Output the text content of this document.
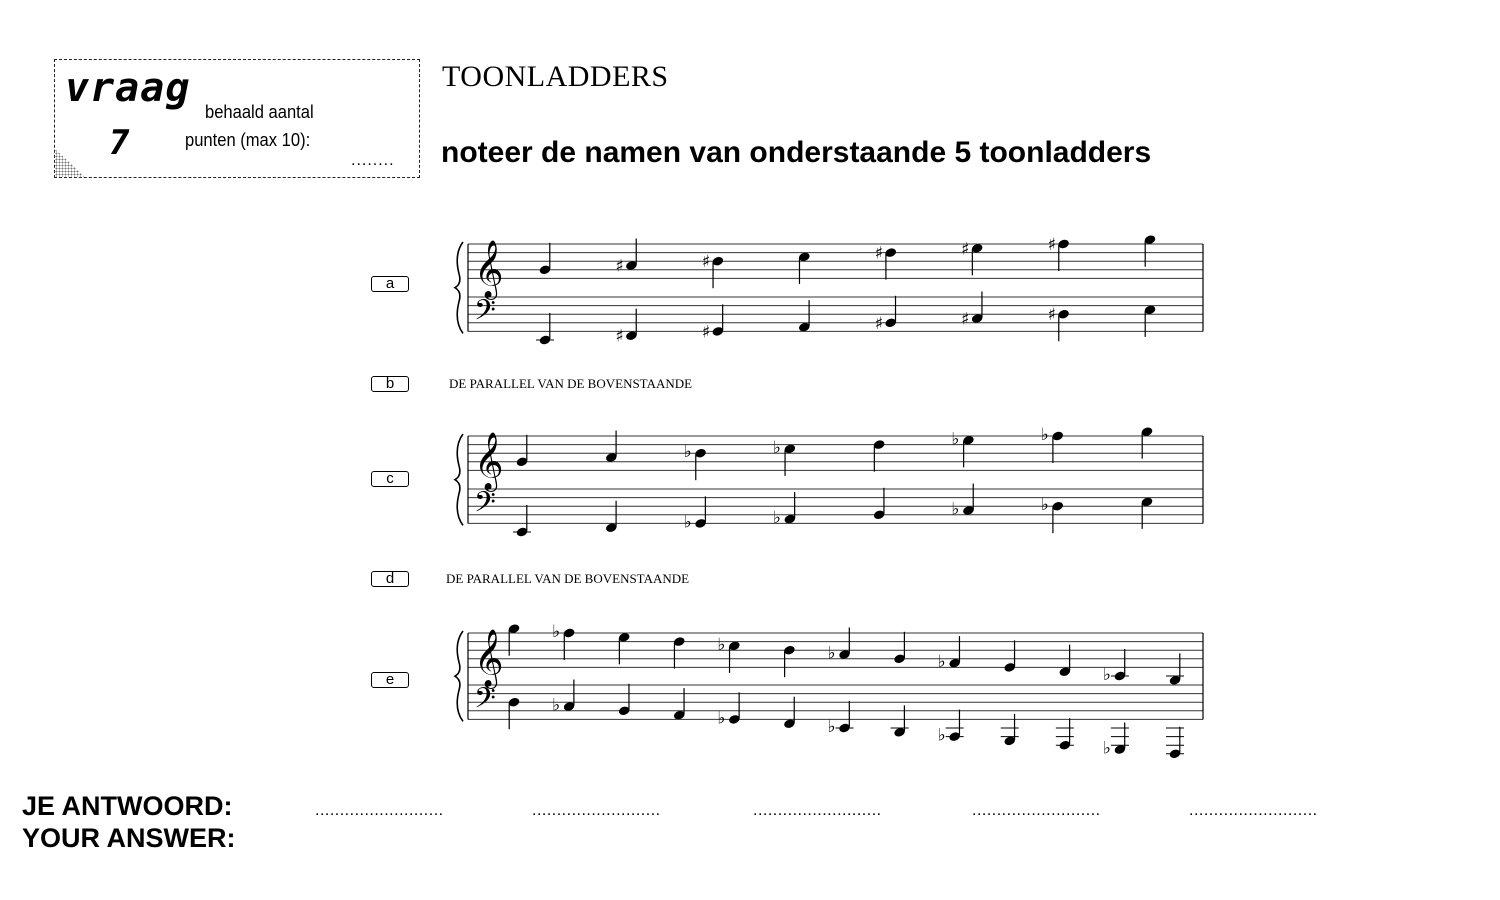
vraag
7
behaald aantal
punten (max 10):
........
TOONLADDERS
noteer de namen van onderstaande 5 toonladders
a
b
c
d
e
DE PARALLEL VAN DE BOVENSTAANDE
DE PARALLEL VAN DE BOVENSTAANDE
𝄞
𝄢
♯	♯	♯	♯	♯
♯	♯	♯	♯	♯
𝄞
𝄢
♭	♭	♭	♭
♭	♭	♭	♭
𝄞
𝄢
♭
♭	♭	♭
♭
♭
♭	♭	♭
♭
JE ANTWOORD:
YOUR ANSWER:
..........................	..........................	..........................	..........................	..........................
